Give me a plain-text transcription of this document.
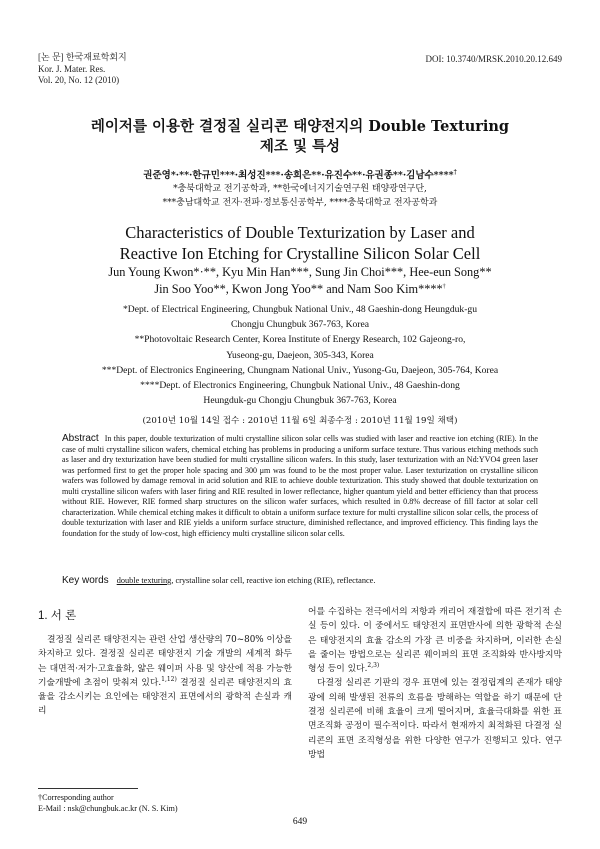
[논 문] 한국재료학회지
Kor. J. Mater. Res.
Vol. 20, No. 12 (2010)
DOI: 10.3740/MRSK.2010.20.12.649
레이저를 이용한 결정질 실리콘 태양전지의 Double Texturing
제조 및 특성
권준영*·**·한규민***·최성진***·송희은**·유진수**·유권종**·김남수****†
*충북대학교 전기공학과, **한국에너지기술연구원 태양광연구단,
***충남대학교 전자·전파·정보통신공학부, ****충북대학교 전자공학과
Characteristics of Double Texturization by Laser and
Reactive Ion Etching for Crystalline Silicon Solar Cell
Jun Young Kwon*·**, Kyu Min Han***, Sung Jin Choi***, Hee-eun Song**
Jin Soo Yoo**, Kwon Jong Yoo** and Nam Soo Kim****†
*Dept. of Electrical Engineering, Chungbuk National Univ., 48 Gaeshin-dong Heungduk-gu
Chongju Chungbuk 367-763, Korea
**Photovoltaic Research Center, Korea Institute of Energy Research, 102 Gajeong-ro,
Yuseong-gu, Daejeon, 305-343, Korea
***Dept. of Electronics Engineering, Chungnam National Univ., Yusong-Gu, Daejeon, 305-764, Korea
****Dept. of Electronics Engineering, Chungbuk National Univ., 48 Gaeshin-dong
Heungduk-gu Chongju Chungbuk 367-763, Korea
(2010년 10월 14일 접수 : 2010년 11월 6일 최종수정 : 2010년 11월 19일 채택)
Abstract In this paper, double texturization of multi crystalline silicon solar cells was studied with laser and reactive ion etching (RIE). In the case of multi crystalline silicon wafers, chemical etching has problems in producing a uniform surface texture. Thus various etching methods such as laser and dry texturization have been studied for multi crystalline silicon wafers. In this study, laser texturization with an Nd:YVO4 green laser was performed first to get the proper hole spacing and 300 μm was found to be the most proper value. Laser texturization on crystalline silicon wafers was followed by damage removal in acid solution and RIE to achieve double texturization. This study showed that double texturization on multi crystalline silicon wafers with laser firing and RIE resulted in lower reflectance, higher quantum yield and better efficiency than that process without RIE. However, RIE formed sharp structures on the silicon wafer surfaces, which resulted in 0.8% decrease of fill factor at solar cell characterization. While chemical etching makes it difficult to obtain a uniform surface texture for multi crystalline silicon solar cells, the process of double texturization with laser and RIE yields a uniform surface structure, diminished reflectance, and improved efficiency. This finding lays the foundation for the study of low-cost, high efficiency multi crystalline silicon solar cells.
Key words double texturing, crystalline solar cell, reactive ion etching (RIE), reflectance.
1. 서 론
결정질 실리콘 태양전지는 관련 산업 생산량의 70~80% 이상을 차지하고 있다. 결정질 실리콘 태양전지 기술 개발의 세계적 화두는 대면적·저가·고효율화, 얇은 웨이퍼 사용 및 양산에 적용 가능한 기술개발에 초점이 맞춰져 있다.$^{1,12)}$ 결정질 실리콘 태양전지의 효율을 감소시키는 요인에는 태양전지 표면에서의 광학적 손실과 캐리

어를 수집하는 전극에서의 저항과 캐리어 재결합에 따른 전기적 손실 등이 있다. 이 중에서도 태양전지 표면반사에 의한 광학적 손실은 태양전지의 효율 감소의 가장 큰 비중을 차지하며, 이러한 손실을 줄이는 방법으로는 실리콘 웨이퍼의 표면 조직화와 반사방지막 형성 등이 있다.$^{2,3)}$

다결정 실리콘 기판의 경우 표면에 있는 결정립계의 존재가 태양광에 의해 발생된 전류의 흐름을 방해하는 역할을 하기 때문에 단결정 실리콘에 비해 효율이 크게 떨어지며, 효율극대화를 위한 표면조직화 공정이 필수적이다. 따라서 현재까지 최적화된 다결정 실리콘의 표면 조직형성을 위한 다양한 연구가 진행되고 있다. 연구방법

†Corresponding author
E-Mail : nsk@chungbuk.ac.kr (N. S. Kim)
649
